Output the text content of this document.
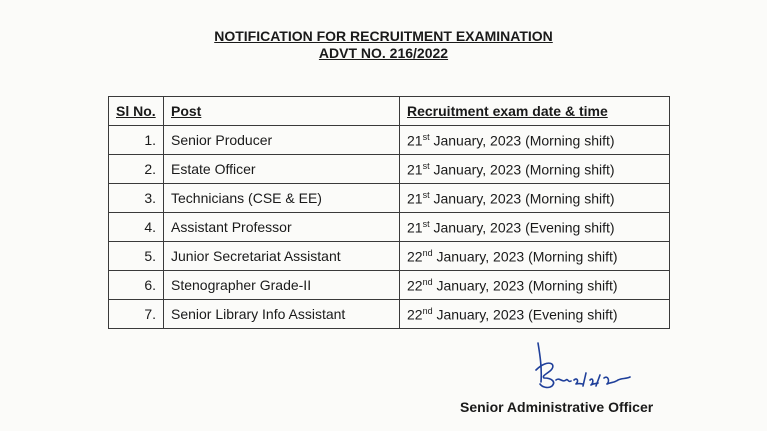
NOTIFICATION FOR RECRUITMENT EXAMINATION
ADVT NO. 216/2022
Sl No.	Post	Recruitment exam date & time
1.	Senior Producer	21st January, 2023 (Morning shift)
2.	Estate Officer	21st January, 2023 (Morning shift)
3.	Technicians (CSE & EE)	21st January, 2023 (Morning shift)
4.	Assistant Professor	21st January, 2023 (Evening shift)
5.	Junior Secretariat Assistant	22nd January, 2023 (Morning shift)
6.	Stenographer Grade-II	22nd January, 2023 (Morning shift)
7.	Senior Library Info Assistant	22nd January, 2023 (Evening shift)
Senior Administrative Officer
